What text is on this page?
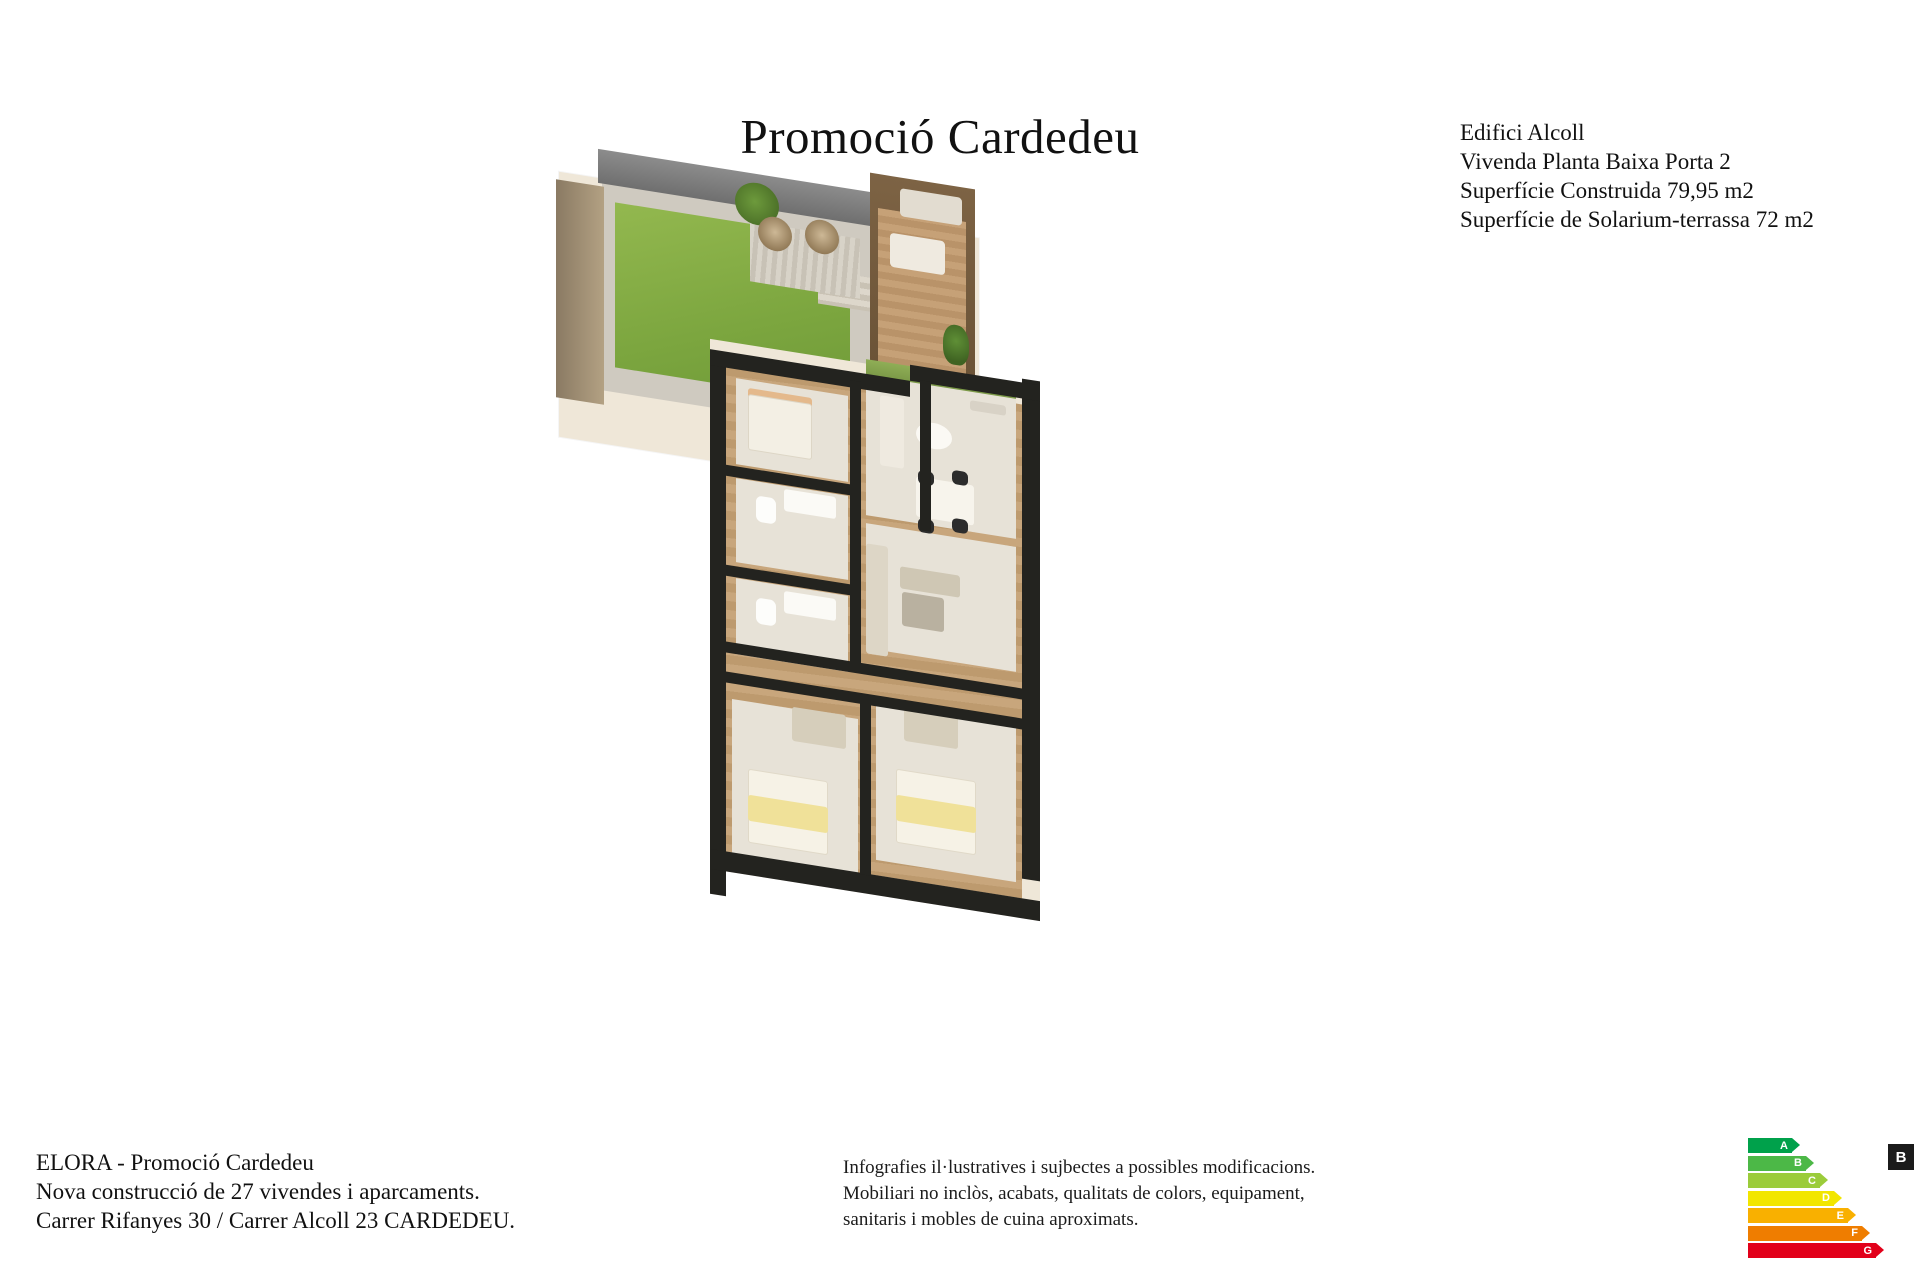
Promoció Cardedeu	Edifici Alcoll
Vivenda Planta Baixa Porta 2
Superfície Construida 79,95 m2
Superfície de Solarium-terrassa 72 m2
ELORA - Promoció Cardedeu
Nova construcció de 27 vivendes i aparcaments.
Carrer Rifanyes 30 / Carrer Alcoll 23 CARDEDEU.
Infografies il·lustratives i sujbectes a possibles modificacions.
Mobiliari no inclòs, acabats, qualitats de colors, equipament,
sanitaris i mobles de cuina aproximats.
A
B
C
D
E
F
G
B
